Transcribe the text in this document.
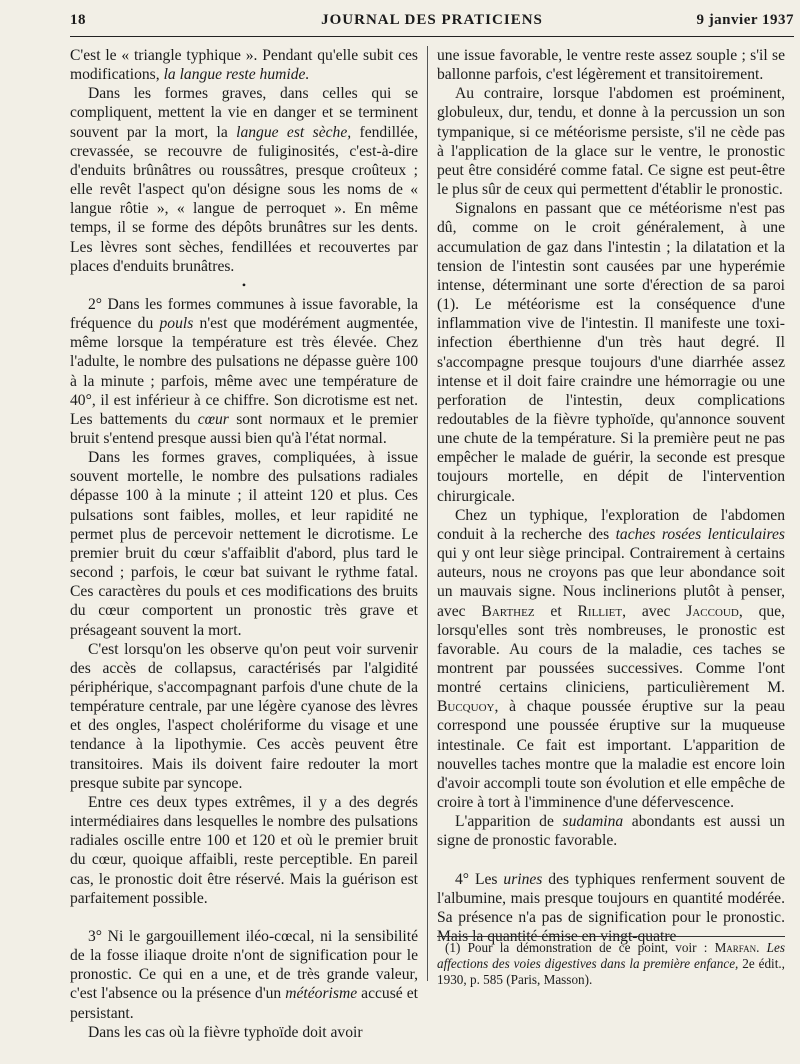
18	JOURNAL DES PRATICIENS	9 janvier 1937

C'est le « triangle typhique ». Pendant qu'elle subit ces modifications, la langue reste humide.

Dans les formes graves, dans celles qui se compliquent, mettent la vie en danger et se terminent souvent par la mort, la langue est sèche, fendillée, crevassée, se recouvre de fuliginosités, c'est-à-dire d'enduits brûnâtres ou roussâtres, presque croûteux ; elle revêt l'aspect qu'on désigne sous les noms de « langue rôtie », « langue de perroquet ». En même temps, il se forme des dépôts brunâtres sur les dents. Les lèvres sont sèches, fendillées et recouvertes par places d'enduits brunâtres.

•

2° Dans les formes communes à issue favorable, la fréquence du pouls n'est que modérément augmentée, même lorsque la température est très élevée. Chez l'adulte, le nombre des pulsations ne dépasse guère 100 à la minute ; parfois, même avec une température de 40°, il est inférieur à ce chiffre. Son dicrotisme est net. Les battements du cœur sont normaux et le premier bruit s'entend presque aussi bien qu'à l'état normal.

Dans les formes graves, compliquées, à issue souvent mortelle, le nombre des pulsations radiales dépasse 100 à la minute ; il atteint 120 et plus. Ces pulsations sont faibles, molles, et leur rapidité ne permet plus de percevoir nettement le dicrotisme. Le premier bruit du cœur s'affaiblit d'abord, plus tard le second ; parfois, le cœur bat suivant le rythme fatal. Ces caractères du pouls et ces modifications des bruits du cœur comportent un pronostic très grave et présageant souvent la mort.

C'est lorsqu'on les observe qu'on peut voir survenir des accès de collapsus, caractérisés par l'algidité périphérique, s'accompagnant parfois d'une chute de la température centrale, par une légère cyanose des lèvres et des ongles, l'aspect cholériforme du visage et une tendance à la lipothymie. Ces accès peuvent être transitoires. Mais ils doivent faire redouter la mort presque subite par syncope.

Entre ces deux types extrêmes, il y a des degrés intermédiaires dans lesquelles le nombre des pulsations radiales oscille entre 100 et 120 et où le premier bruit du cœur, quoique affaibli, reste perceptible. En pareil cas, le pronostic doit être réservé. Mais la guérison est parfaitement possible.

3° Ni le gargouillement iléo-cœcal, ni la sensibilité de la fosse iliaque droite n'ont de signification pour le pronostic. Ce qui en a une, et de très grande valeur, c'est l'absence ou la présence d'un météorisme accusé et persistant.

Dans les cas où la fièvre typhoïde doit avoir

une issue favorable, le ventre reste assez souple ; s'il se ballonne parfois, c'est légèrement et transitoirement.

Au contraire, lorsque l'abdomen est proéminent, globuleux, dur, tendu, et donne à la percussion un son tympanique, si ce météorisme persiste, s'il ne cède pas à l'application de la glace sur le ventre, le pronostic peut être considéré comme fatal. Ce signe est peut-être le plus sûr de ceux qui permettent d'établir le pronostic.

Signalons en passant que ce météorisme n'est pas dû, comme on le croit généralement, à une accumulation de gaz dans l'intestin ; la dilatation et la tension de l'intestin sont causées par une hyperémie intense, déterminant une sorte d'érection de sa paroi (1). Le météorisme est la conséquence d'une inflammation vive de l'intestin. Il manifeste une toxi-infection éberthienne d'un très haut degré. Il s'accompagne presque toujours d'une diarrhée assez intense et il doit faire craindre une hémorragie ou une perforation de l'intestin, deux complications redoutables de la fièvre typhoïde, qu'annonce souvent une chute de la température. Si la première peut ne pas empêcher le malade de guérir, la seconde est presque toujours mortelle, en dépit de l'intervention chirurgicale.

Chez un typhique, l'exploration de l'abdomen conduit à la recherche des taches rosées lenticulaires qui y ont leur siège principal. Contrairement à certains auteurs, nous ne croyons pas que leur abondance soit un mauvais signe. Nous inclinerions plutôt à penser, avec Barthez et Rilliet, avec Jaccoud, que, lorsqu'elles sont très nombreuses, le pronostic est favorable. Au cours de la maladie, ces taches se montrent par poussées successives. Comme l'ont montré certains cliniciens, particulièrement M. Bucquoy, à chaque poussée éruptive sur la peau correspond une poussée éruptive sur la muqueuse intestinale. Ce fait est important. L'apparition de nouvelles taches montre que la maladie est encore loin d'avoir accompli toute son évolution et elle empêche de croire à tort à l'imminence d'une défervescence.

L'apparition de sudamina abondants est aussi un signe de pronostic favorable.

4° Les urines des typhiques renferment souvent de l'albumine, mais presque toujours en quantité modérée. Sa présence n'a pas de signification pour le pronostic. Mais la quantité émise en vingt-quatre

(1) Pour la démonstration de ce point, voir : Marfan. Les affections des voies digestives dans la première enfance, 2e édit., 1930, p. 585 (Paris, Masson).
